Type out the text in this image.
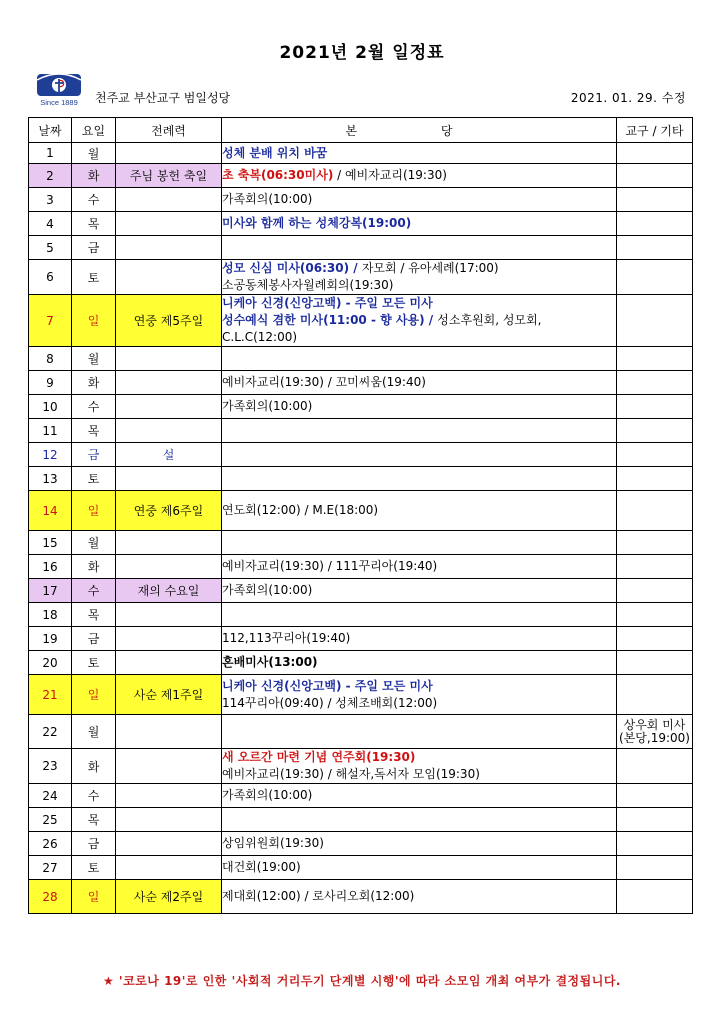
2021년 2월 일정표
Since 1889 천주교 부산교구 범일성당	2021. 01. 29. 수정
날짜	요일	전례력	본 당	교구 / 기타
1	월		성체 분배 위치 바꿈	
2	화	주님 봉헌 축일	초 축복(06:30미사) / 예비자교리(19:30)	
3	수		가족회의(10:00)	
4	목		미사와 함께 하는 성체강복(19:00)	
5	금			
6	토		성모 신심 미사(06:30) / 자모회 / 유아세례(17:00)
소공동체봉사자월례회의(19:30)	
7	일	연중 제5주일	니케아 신경(신앙고백) - 주일 모든 미사
성수예식 겸한 미사(11:00 - 향 사용) / 성소후원회, 성모회, C.L.C(12:00)	
8	월			
9	화		예비자교리(19:30) / 꼬미씨움(19:40)	
10	수		가족회의(10:00)	
11	목			
12	금	설		
13	토			
14	일	연중 제6주일	연도회(12:00) / M.E(18:00)	
15	월			
16	화		예비자교리(19:30) / 111꾸리아(19:40)	
17	수	재의 수요일	가족회의(10:00)	
18	목			
19	금		112,113꾸리아(19:40)	
20	토		혼배미사(13:00)	
21	일	사순 제1주일	니케아 신경(신앙고백) - 주일 모든 미사
114꾸리아(09:40) / 성체조배회(12:00)	
22	월			상우회 미사 (본당,19:00)
23	화		새 오르간 마련 기념 연주회(19:30)
예비자교리(19:30) / 해설자,독서자 모임(19:30)	
24	수		가족회의(10:00)	
25	목			
26	금		상임위원회(19:30)	
27	토		대건회(19:00)	
28	일	사순 제2주일	제대회(12:00) / 로사리오회(12:00)	
★ '코로나 19'로 인한 '사회적 거리두기 단계별 시행'에 따라 소모임 개최 여부가 결정됩니다.
